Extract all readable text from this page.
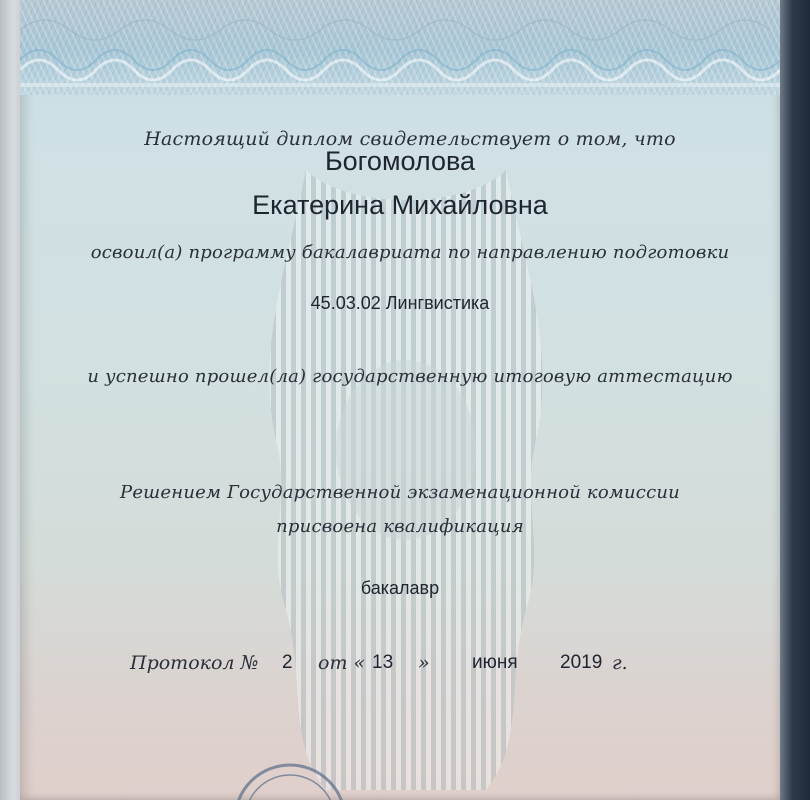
Настоящий диплом свидетельствует о том, что
Богомолова
Екатерина Михайловна
освоил(а) программу бакалавриата по направлению подготовки
45.03.02 Лингвистика
и успешно прошел(ла) государственную итоговую аттестацию
Решением Государственной экзаменационной комиссии
присвоена квалификация
бакалавр
Протокол № 2 от « 13 » июня 2019 г.
